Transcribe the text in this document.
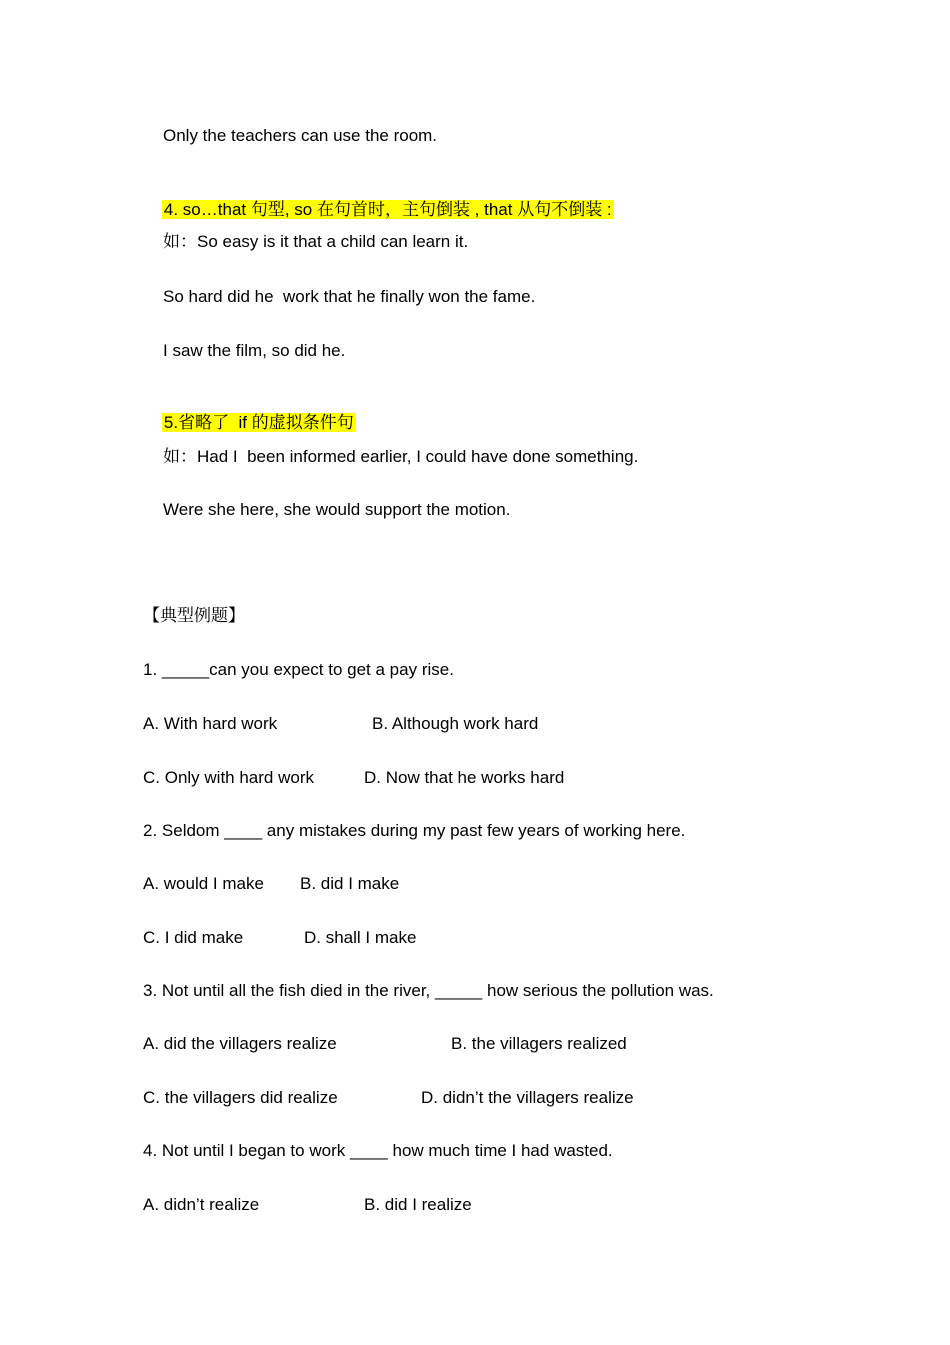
Only the teachers can use the room.

4. so…that 句型, so 在句首时，主句倒装 , that 从句不倒装 :

如：So easy is it that a child can learn it.
So hard did he  work that he finally won the fame.
I saw the film, so did he.

5.省略了  if 的虚拟条件句

如：Had I  been informed earlier, I could have done something.
Were she here, she would support the motion.
【典型例题】
1. _____can you expect to get a pay rise.
A. With hard work	B. Although work hard
C. Only with hard work	D. Now that he works hard
2. Seldom ____ any mistakes during my past few years of working here.
A. would I make B. did I make
C. I did make	D. shall I make
3. Not until all the fish died in the river, _____ how serious the pollution was.
A. did the villagers realize	B. the villagers realized
C. the villagers did realize	D. didn’t the villagers realize
4. Not until I began to work ____ how much time I had wasted.
A. didn’t realize	B. did I realize
